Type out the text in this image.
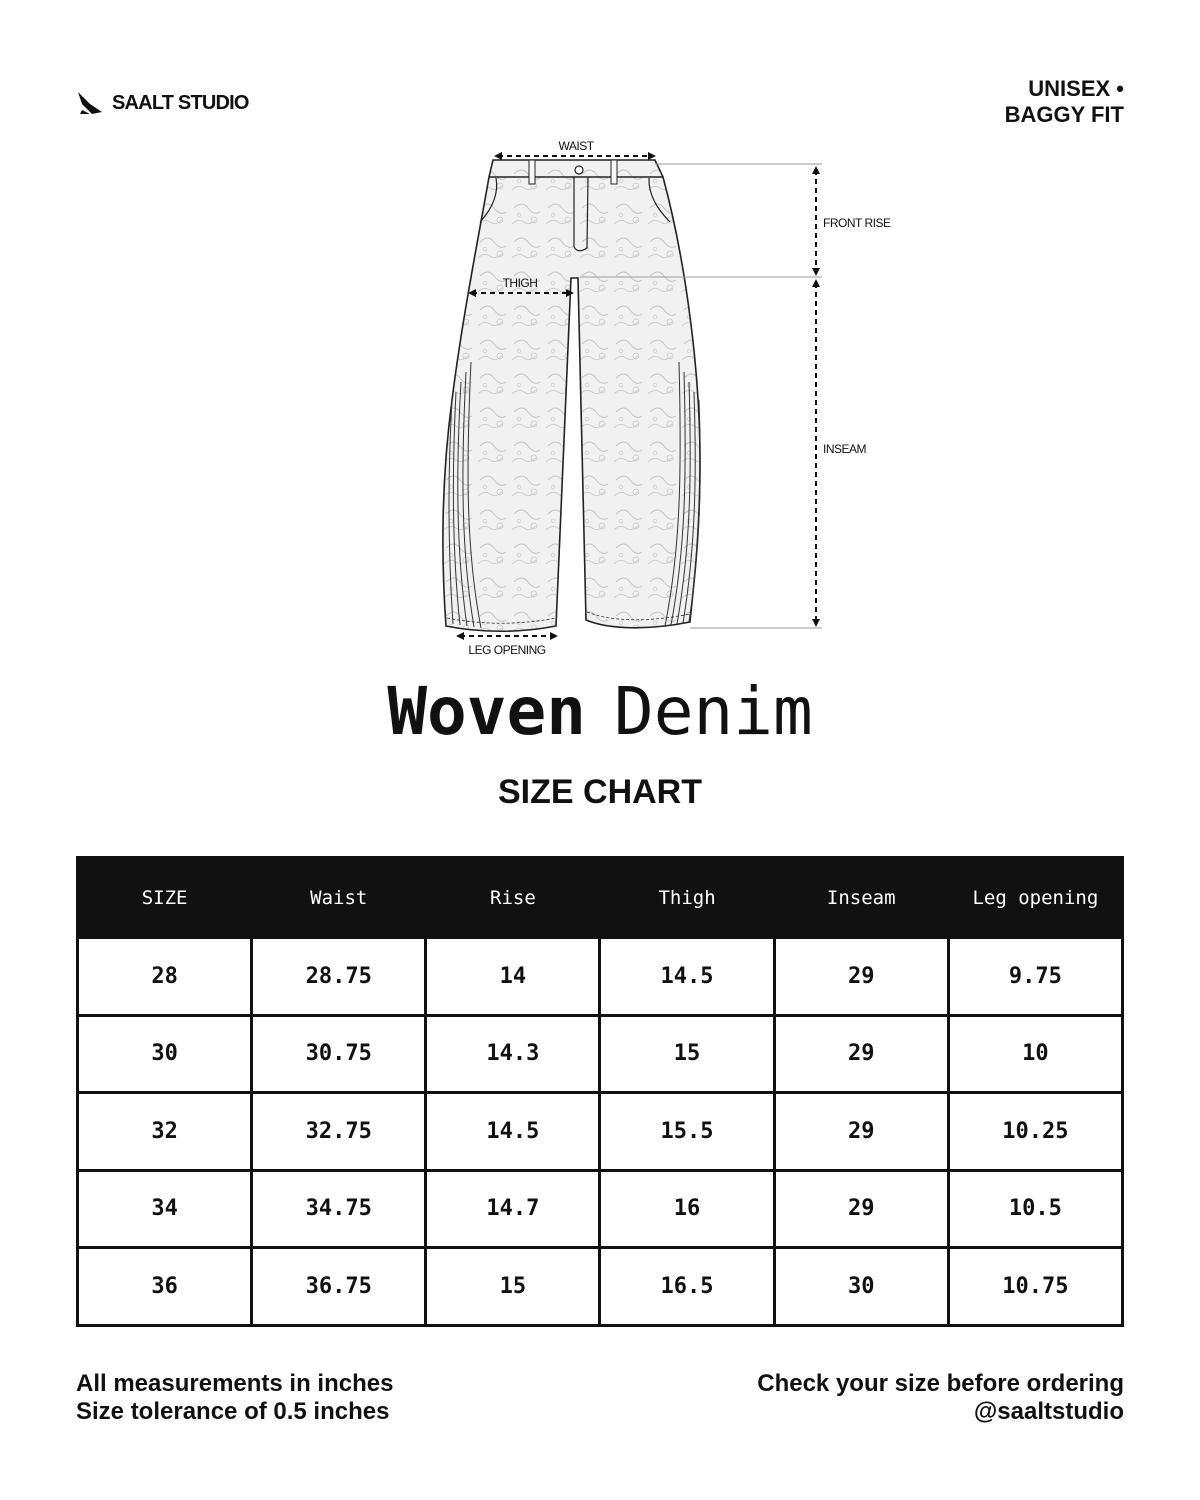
SAALT STUDIO
UNISEX •
BAGGY FIT
WAIST
FRONT RISE
INSEAM
THIGH
LEG OPENING
Woven Denim
SIZE CHART
SIZE	Waist	Rise	Thigh	Inseam	Leg opening
28	28.75	14	14.5	29	9.75
30	30.75	14.3	15	29	10
32	32.75	14.5	15.5	29	10.25
34	34.75	14.7	16	29	10.5
36	36.75	15	16.5	30	10.75
All measurements in inches
Size tolerance of 0.5 inches
Check your size before ordering
@saaltstudio
